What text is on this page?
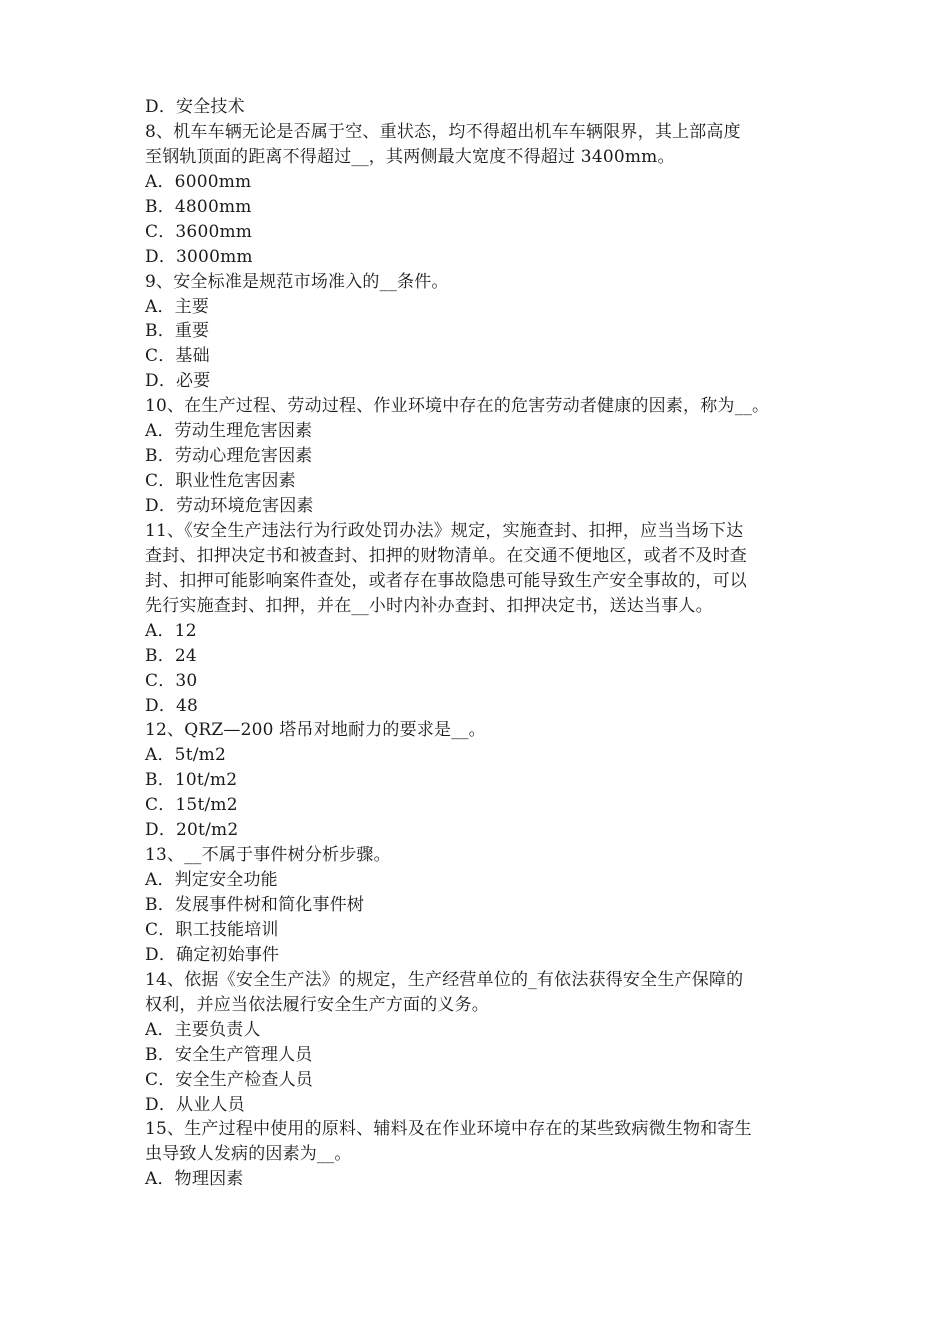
D．安全技术
8、机车车辆无论是否属于空、重状态，均不得超出机车车辆限界，其上部高度
至钢轨顶面的距离不得超过__，其两侧最大宽度不得超过 3400mm。
A．6000mm
B．4800mm
C．3600mm
D．3000mm
9、安全标准是规范市场准入的__条件。
A．主要
B．重要
C．基础
D．必要
10、在生产过程、劳动过程、作业环境中存在的危害劳动者健康的因素，称为__。
A．劳动生理危害因素
B．劳动心理危害因素
C．职业性危害因素
D．劳动环境危害因素
11、《安全生产违法行为行政处罚办法》规定，实施查封、扣押，应当当场下达
查封、扣押决定书和被查封、扣押的财物清单。在交通不便地区，或者不及时查
封、扣押可能影响案件查处，或者存在事故隐患可能导致生产安全事故的，可以
先行实施查封、扣押，并在__小时内补办查封、扣押决定书，送达当事人。
A．12
B．24
C．30
D．48
12、QRZ—200 塔吊对地耐力的要求是__。
A．5t/m2
B．10t/m2
C．15t/m2
D．20t/m2
13、__不属于事件树分析步骤。
A．判定安全功能
B．发展事件树和简化事件树
C．职工技能培训
D．确定初始事件
14、依据《安全生产法》的规定，生产经营单位的_有依法获得安全生产保障的
权利，并应当依法履行安全生产方面的义务。
A．主要负责人
B．安全生产管理人员
C．安全生产检查人员
D．从业人员
15、生产过程中使用的原料、辅料及在作业环境中存在的某些致病微生物和寄生
虫导致人发病的因素为__。
A．物理因素
